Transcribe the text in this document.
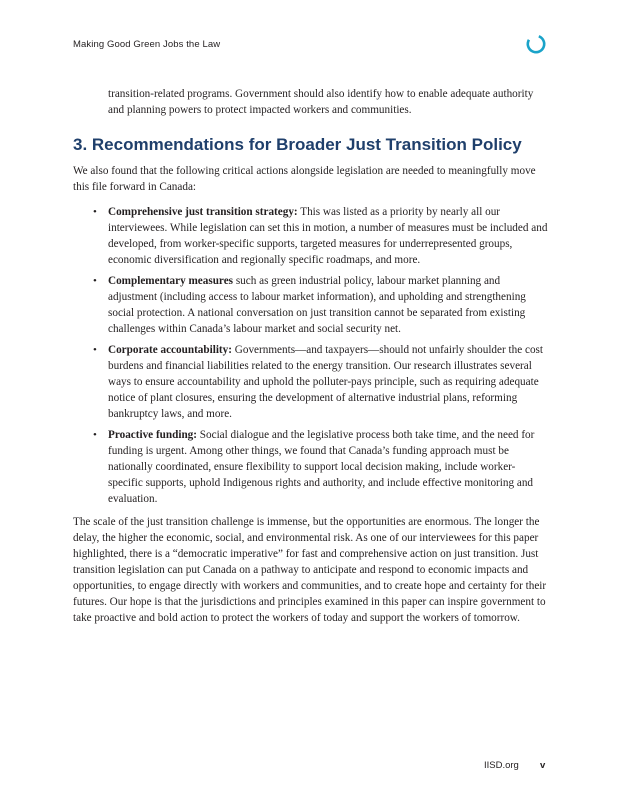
Making Good Green Jobs the Law
transition-related programs. Government should also identify how to enable adequate authority and planning powers to protect impacted workers and communities.
3. Recommendations for Broader Just Transition Policy
We also found that the following critical actions alongside legislation are needed to meaningfully move this file forward in Canada:
• Comprehensive just transition strategy: This was listed as a priority by nearly all our interviewees. While legislation can set this in motion, a number of measures must be included and developed, from worker-specific supports, targeted measures for underrepresented groups, economic diversification and regionally specific roadmaps, and more.
• Complementary measures such as green industrial policy, labour market planning and adjustment (including access to labour market information), and upholding and strengthening social protection. A national conversation on just transition cannot be separated from existing challenges within Canada’s labour market and social security net.
• Corporate accountability: Governments—and taxpayers—should not unfairly shoulder the cost burdens and financial liabilities related to the energy transition. Our research illustrates several ways to ensure accountability and uphold the polluter-pays principle, such as requiring adequate notice of plant closures, ensuring the development of alternative industrial plans, reforming bankruptcy laws, and more.
• Proactive funding: Social dialogue and the legislative process both take time, and the need for funding is urgent. Among other things, we found that Canada’s funding approach must be nationally coordinated, ensure flexibility to support local decision making, include worker-specific supports, uphold Indigenous rights and authority, and include effective monitoring and evaluation.
The scale of the just transition challenge is immense, but the opportunities are enormous. The longer the delay, the higher the economic, social, and environmental risk. As one of our interviewees for this paper highlighted, there is a “democratic imperative” for fast and comprehensive action on just transition. Just transition legislation can put Canada on a pathway to anticipate and respond to economic impacts and opportunities, to engage directly with workers and communities, and to create hope and certainty for their futures. Our hope is that the jurisdictions and principles examined in this paper can inspire government to take proactive and bold action to protect the workers of today and support the workers of tomorrow.
IISD.org v
